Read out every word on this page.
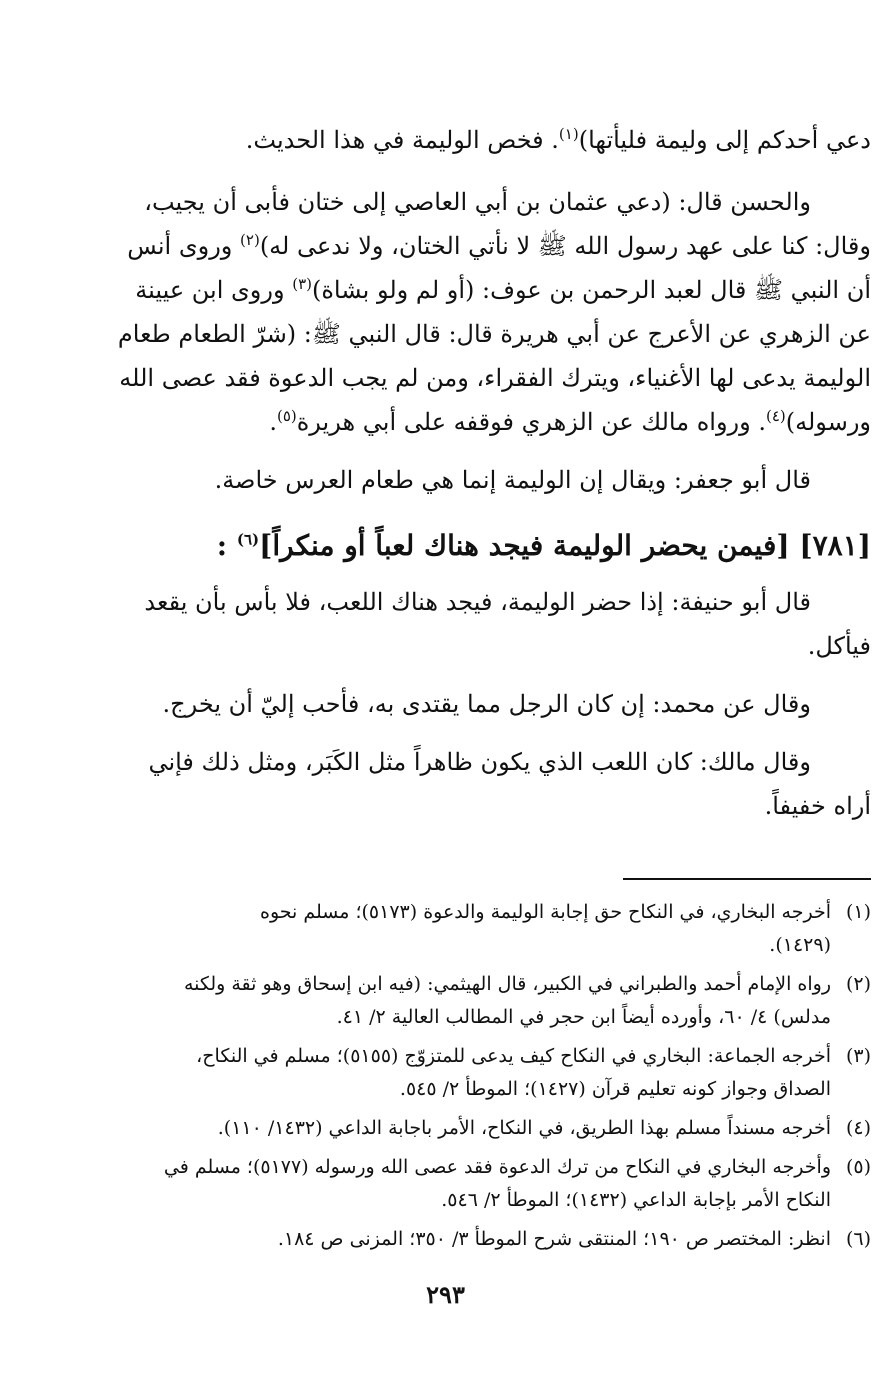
دعي أحدكم إلى وليمة فليأتها)$^{(١)}$. فخص الوليمة في هذا الحديث.
والحسن قال: (دعي عثمان بن أبي العاصي إلى ختان فأبى أن يجيب،
وقال: كنا على عهد رسول الله ﷺ لا نأتي الختان، ولا ندعى له)$^{(٢)}$ وروى أنس
أن النبي ﷺ قال لعبد الرحمن بن عوف: (أو لم ولو بشاة)$^{(٣)}$ وروى ابن عيينة
عن الزهري عن الأعرج عن أبي هريرة قال: قال النبي ﷺ: (شرّ الطعام طعام
الوليمة يدعى لها الأغنياء، ويترك الفقراء، ومن لم يجب الدعوة فقد عصى الله
ورسوله)$^{(٤)}$. ورواه مالك عن الزهري فوقفه على أبي هريرة$^{(٥)}$.
قال أبو جعفر: ويقال إن الوليمة إنما هي طعام العرس خاصة.
[٧٨١] [فيمن يحضر الوليمة فيجد هناك لعباً أو منكراً]$^{(٦)}$ :
قال أبو حنيفة: إذا حضر الوليمة، فيجد هناك اللعب، فلا بأس بأن يقعد
فيأكل.
وقال عن محمد: إن كان الرجل مما يقتدى به، فأحب إليّ أن يخرج.
وقال مالك: كان اللعب الذي يكون ظاهراً مثل الكَبَر، ومثل ذلك فإني
أراه خفيفاً.
(١)أخرجه البخاري، في النكاح حق إجابة الوليمة والدعوة (٥١٧٣)؛ مسلم نحوه
(١٤٢٩).
(٢)رواه الإمام أحمد والطبراني في الكبير، قال الهيثمي: (فيه ابن إسحاق وهو ثقة ولكنه
مدلس) ٤/ ٦٠، وأورده أيضاً ابن حجر في المطالب العالية ٢/ ٤١.
(٣)أخرجه الجماعة: البخاري في النكاح كيف يدعى للمتزوّج (٥١٥٥)؛ مسلم في النكاح،
الصداق وجواز كونه تعليم قرآن (١٤٢٧)؛ الموطأ ٢/ ٥٤٥.
(٤)أخرجه مسنداً مسلم بهذا الطريق، في النكاح، الأمر باجابة الداعي (١٤٣٢/ ١١٠).
(٥)وأخرجه البخاري في النكاح من ترك الدعوة فقد عصى الله ورسوله (٥١٧٧)؛ مسلم في
النكاح الأمر بإجابة الداعي (١٤٣٢)؛ الموطأ ٢/ ٥٤٦.
(٦)انظر: المختصر ص ١٩٠؛ المنتقى شرح الموطأ ٣/ ٣٥٠؛ المزنى ص ١٨٤.
٢٩٣
